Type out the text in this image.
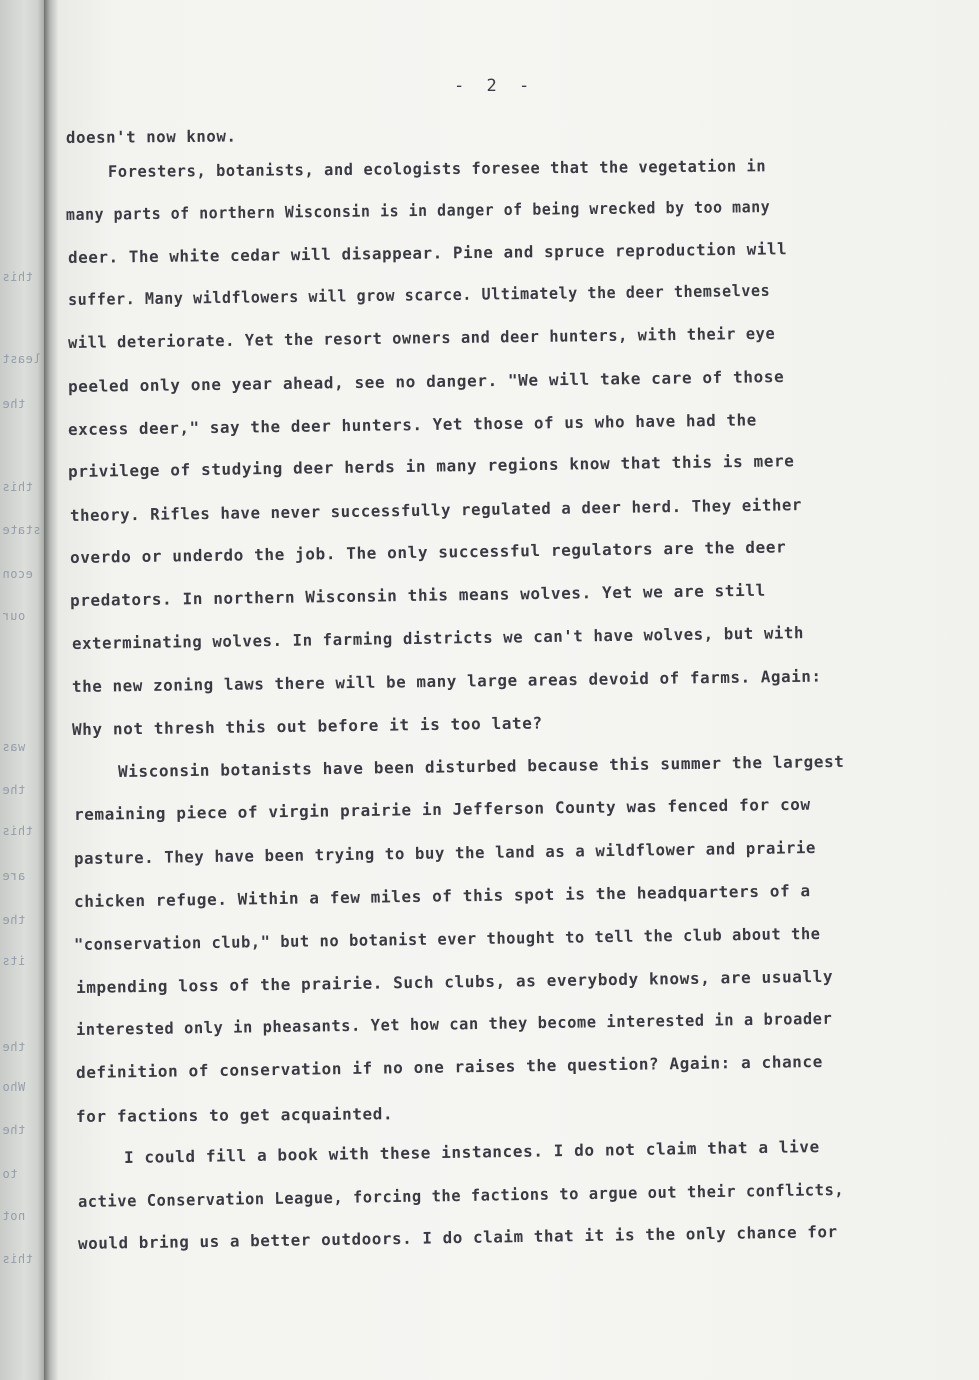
this
least
the
this
state
econ
our
was
the
this
are
the
its
the
Who
the
to
not
this
- 2 -
doesn't now know.
Foresters, botanists, and ecologists foresee that the vegetation in
many parts of northern Wisconsin is in danger of being wrecked by too many
deer. The white cedar will disappear. Pine and spruce reproduction will
suffer. Many wildflowers will grow scarce. Ultimately the deer themselves
will deteriorate. Yet the resort owners and deer hunters, with their eye
peeled only one year ahead, see no danger. "We will take care of those
excess deer," say the deer hunters. Yet those of us who have had the
privilege of studying deer herds in many regions know that this is mere
theory. Rifles have never successfully regulated a deer herd. They either
overdo or underdo the job. The only successful regulators are the deer
predators. In northern Wisconsin this means wolves. Yet we are still
exterminating wolves. In farming districts we can't have wolves, but with
the new zoning laws there will be many large areas devoid of farms. Again:
Why not thresh this out before it is too late?
Wisconsin botanists have been disturbed because this summer the largest
remaining piece of virgin prairie in Jefferson County was fenced for cow
pasture. They have been trying to buy the land as a wildflower and prairie
chicken refuge. Within a few miles of this spot is the headquarters of a
"conservation club," but no botanist ever thought to tell the club about the
impending loss of the prairie. Such clubs, as everybody knows, are usually
interested only in pheasants. Yet how can they become interested in a broader
definition of conservation if no one raises the question? Again: a chance
for factions to get acquainted.
I could fill a book with these instances. I do not claim that a live
active Conservation League, forcing the factions to argue out their conflicts,
would bring us a better outdoors. I do claim that it is the only chance for
